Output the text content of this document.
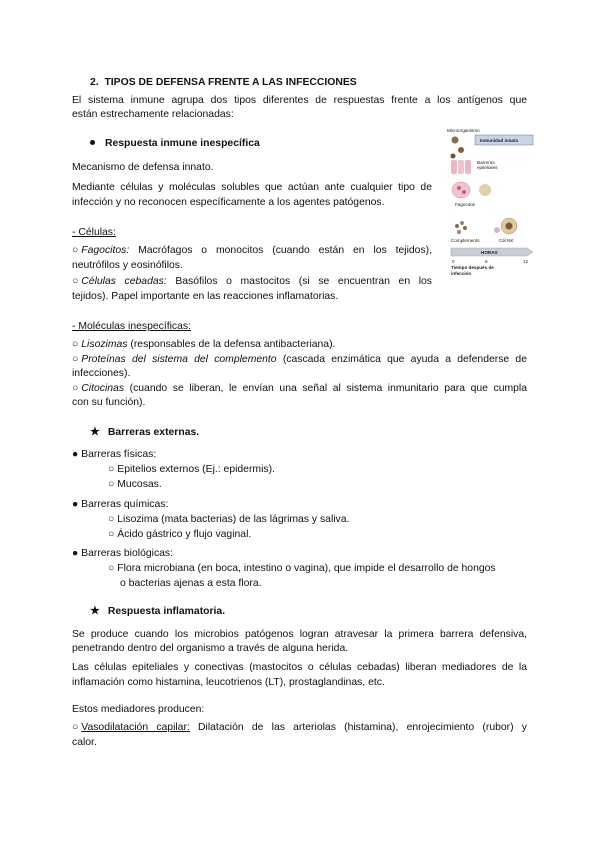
2. TIPOS DE DEFENSA FRENTE A LAS INFECCIONES
El sistema inmune agrupa dos tipos diferentes de respuestas frente a los antígenos que
están estrechamente relacionadas:
Respuesta inmune inespecífica
Mecanismo de defensa innato.
Mediante células y moléculas solubles que actúan ante cualquier tipo de
infección y no reconocen específicamente a los agentes patógenos.
- Células:
○ Fagocitos: Macrófagos o monocitos (cuando están en los tejidos),
neutrófilos y eosinófilos.
○ Células cebadas: Basófilos o mastocitos (si se encuentran en los
tejidos). Papel importante en las reacciones inflamatorias.
- Moléculas inespecíficas:
○ Lisozimas (responsables de la defensa antibacteriana).
○ Proteínas del sistema del complemento (cascada enzimática que ayuda a defenderse de
infecciones).
○ Citocinas (cuando se liberan, le envían una señal al sistema inmunitario para que cumpla
con su función).
★ Barreras externas.
● Barreras físicas:
○ Epitelios externos (Ej.: epidermis).
○ Mucosas.
● Barreras químicas:
○ Lisozima (mata bacterias) de las lágrimas y saliva.
○ Ácido gástrico y flujo vaginal.
● Barreras biológicas:
○ Flora microbiana (en boca, intestino o vagina), que impide el desarrollo de hongos
o bacterias ajenas a esta flora.
★ Respuesta inflamatoria.
Se produce cuando los microbios patógenos logran atravesar la primera barrera defensiva,
penetrando dentro del organismo a través de alguna herida.
Las células epiteliales y conectivas (mastocitos o células cebadas) liberan mediadores de la
inflamación como histamina, leucotrienos (LT), prostaglandinas, etc.
Estos mediadores producen:
○ Vasodilatación capilar: Dilatación de las arteriolas (histamina), enrojecimiento (rubor) y
calor.
Microorganismo
Inmunidad innata
Barreras
epiteliales
Fagocitos
Complemento	Cél NK
HORAS
0	6	12
Tiempo después de
infección
